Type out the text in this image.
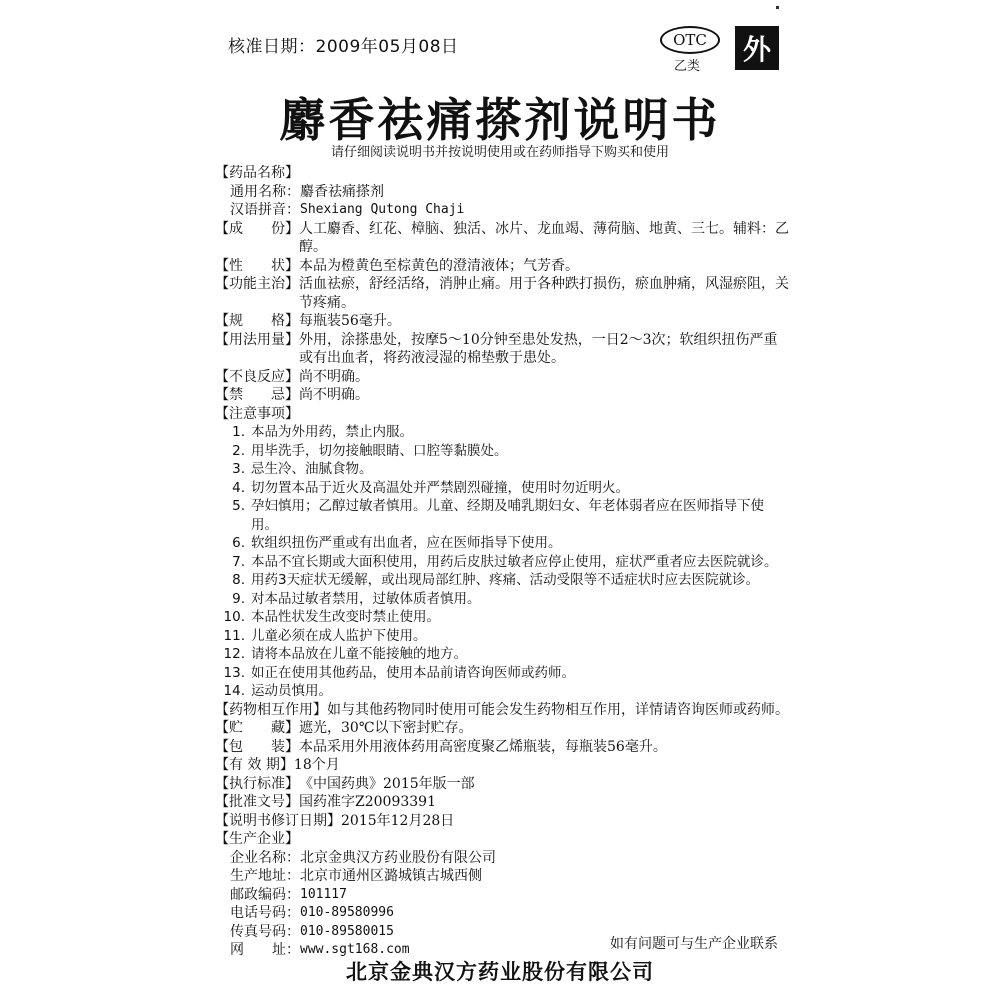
核准日期：2009年05月08日	OTC
乙类
外
麝香祛痛搽剂说明书
请仔细阅读说明书并按说明使用或在药师指导下购买和使用
【药品名称】
通用名称： 麝香祛痛搽剂
汉语拼音： Shexiang Qutong Chaji
【成　　份】 人工麝香、红花、樟脑、独活、冰片、龙血竭、薄荷脑、地黄、三七。辅料：乙醇。
【性　　状】 本品为橙黄色至棕黄色的澄清液体；气芳香。
【功能主治】 活血祛瘀，舒经活络，消肿止痛。用于各种跌打损伤，瘀血肿痛，风湿瘀阻，关节疼痛。
【规　　格】 每瓶装56毫升。
【用法用量】 外用，涂搽患处，按摩5～10分钟至患处发热，一日2～3次；软组织扭伤严重或有出血者，将药液浸湿的棉垫敷于患处。
【不良反应】 尚不明确。
【禁　　忌】 尚不明确。
【注意事项】
1. 本品为外用药，禁止内服。
2. 用毕洗手，切勿接触眼睛、口腔等黏膜处。
3. 忌生冷、油腻食物。
4. 切勿置本品于近火及高温处并严禁剧烈碰撞，使用时勿近明火。
5. 孕妇慎用；乙醇过敏者慎用。儿童、经期及哺乳期妇女、年老体弱者应在医师指导下使用。
6. 软组织扭伤严重或有出血者，应在医师指导下使用。
7. 本品不宜长期或大面积使用，用药后皮肤过敏者应停止使用，症状严重者应去医院就诊。
8. 用药3天症状无缓解，或出现局部红肿、疼痛、活动受限等不适症状时应去医院就诊。
9. 对本品过敏者禁用，过敏体质者慎用。
10. 本品性状发生改变时禁止使用。
11. 儿童必须在成人监护下使用。
12. 请将本品放在儿童不能接触的地方。
13. 如正在使用其他药品，使用本品前请咨询医师或药师。
14. 运动员慎用。
【药物相互作用】 如与其他药物同时使用可能会发生药物相互作用，详情请咨询医师或药师。
【贮　　藏】 遮光，30℃以下密封贮存。
【包　　装】 本品采用外用液体药用高密度聚乙烯瓶装，每瓶装56毫升。
【有 效 期】 18个月
【执行标准】 《中国药典》2015年版一部
【批准文号】 国药准字Z20093391
【说明书修订日期】 2015年12月28日
【生产企业】
企业名称： 北京金典汉方药业股份有限公司
生产地址： 北京市通州区潞城镇古城西侧
邮政编码： 101117
电话号码： 010-89580996
传真号码： 010-89580015
网　　址： www.sgt168.com	如有问题可与生产企业联系
北京金典汉方药业股份有限公司
